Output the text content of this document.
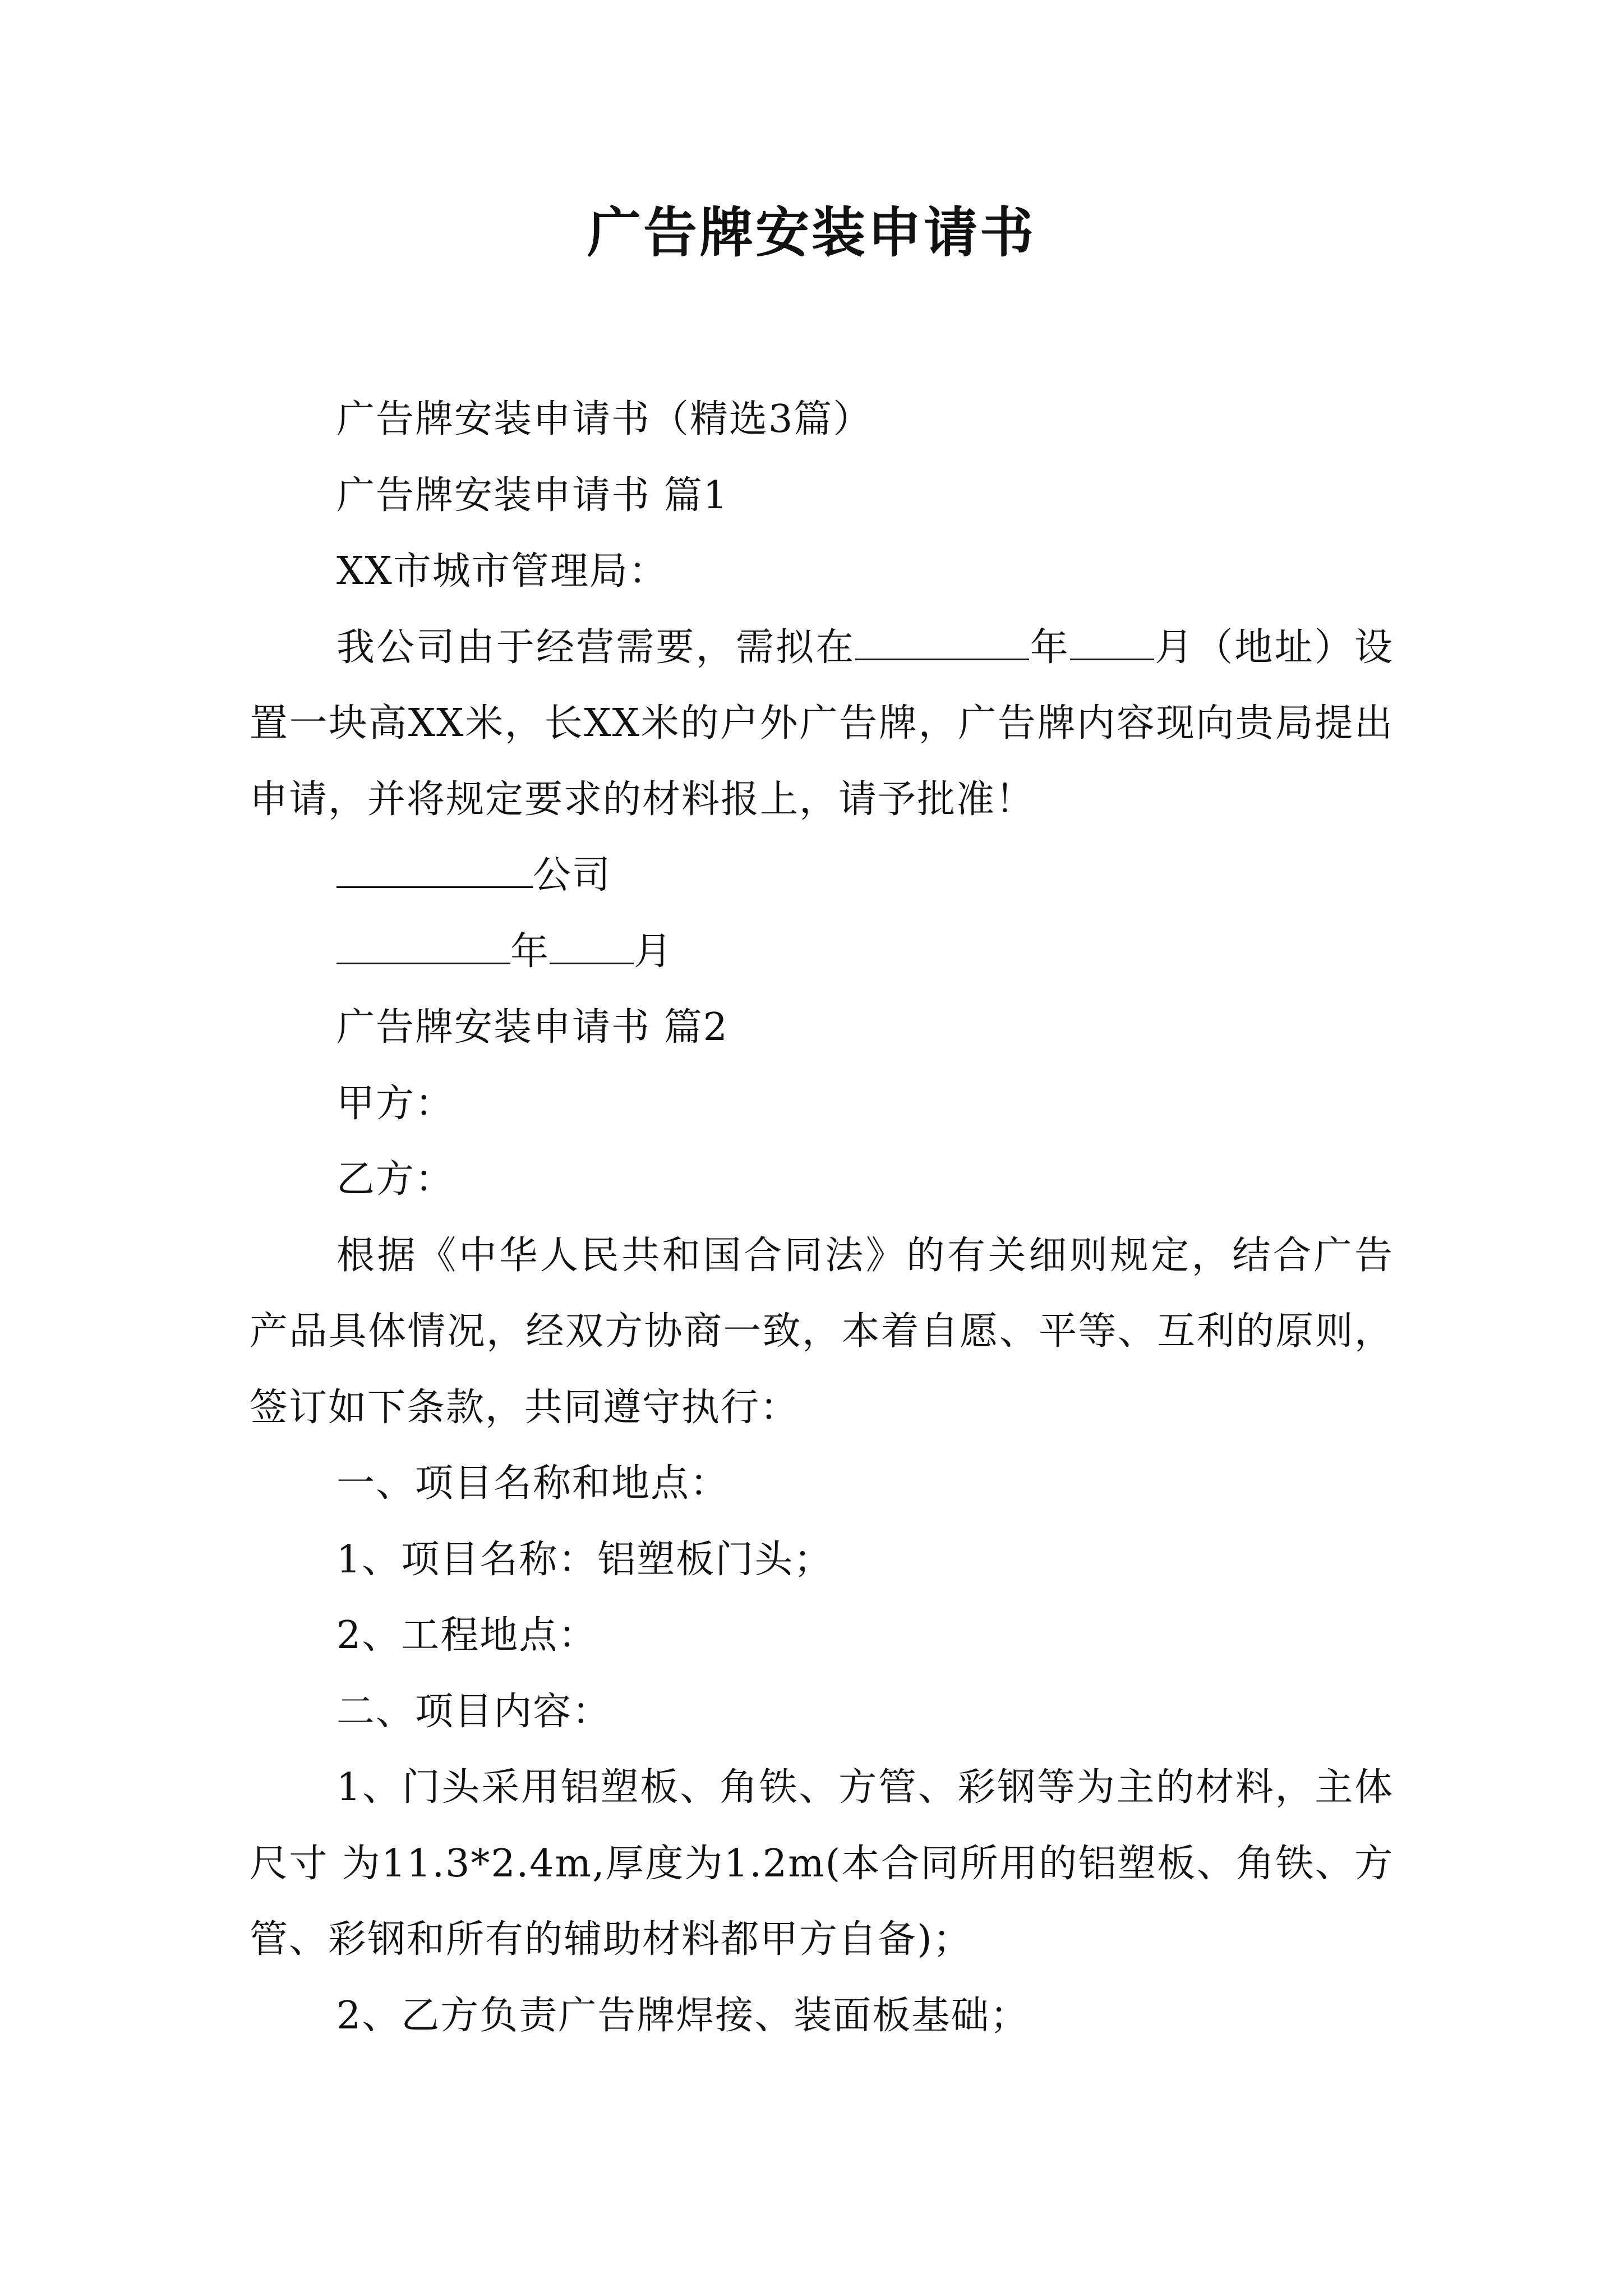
广告牌安装申请书

广告牌安装申请书（精选3篇）

广告牌安装申请书 篇1

XX市城市管理局：

我公司由于经营需要，需拟在	年 月（地址）设置一块高XX米，长XX米的户外广告牌，广告牌内容现向贵局提出申请，并将规定要求的材料报上，请予批准！

公司

年 月

广告牌安装申请书 篇2

甲方：

乙方：

根据《中华人民共和国合同法》的有关细则规定，结合广告产品具体情况，经双方协商一致，本着自愿、平等、互利的原则，签订如下条款，共同遵守执行：

一、项目名称和地点：

1、项目名称：铝塑板门头；

2、工程地点：

二、项目内容：

1、门头采用铝塑板、角铁、方管、彩钢等为主的材料，主体尺寸 为11.3*2.4m,厚度为1.2m(本合同所用的铝塑板、角铁、方 管、彩钢和所有的辅助材料都甲方自备)；

2、乙方负责广告牌焊接、装面板基础；
